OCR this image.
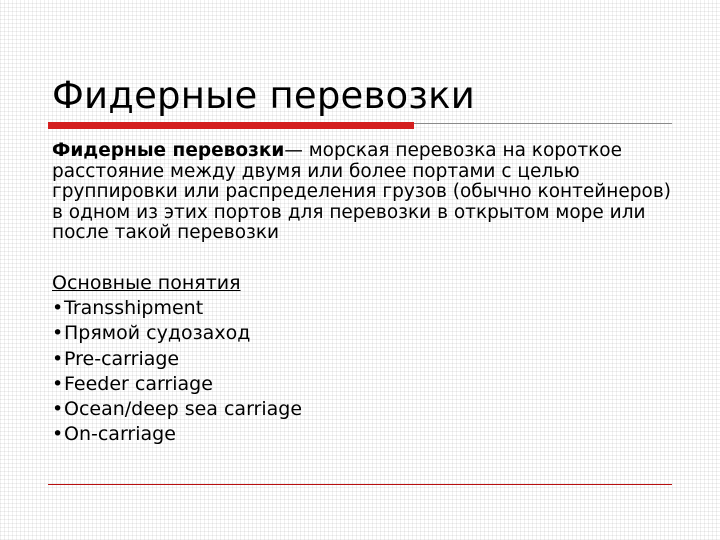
Фидерные перевозки

Фидерные перевозки— морская перевозка на короткое расстояние между двумя или более портами с целью группировки или распределения грузов (обычно контейнеров) в одном из этих портов для перевозки в открытом море или после такой перевозки

Основные понятия

•Transshipment
•Прямой судозаход
•Pre-carriage
•Feeder carriage
•Ocean/deep sea carriage
•On-carriage
